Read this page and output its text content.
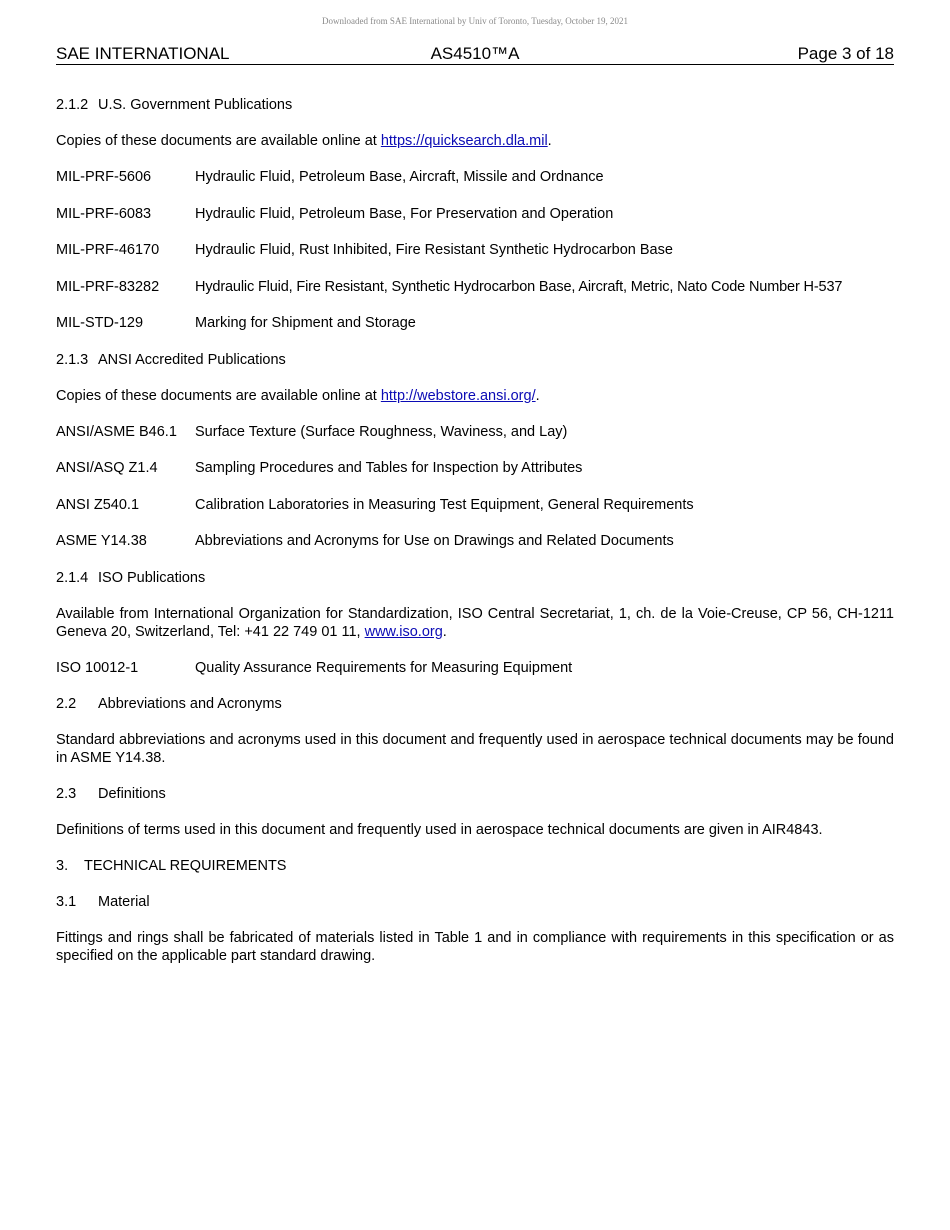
Downloaded from SAE International by Univ of Toronto, Tuesday, October 19, 2021
SAE INTERNATIONAL	AS4510™A	Page 3 of 18
2.1.2 U.S. Government Publications
Copies of these documents are available online at https://quicksearch.dla.mil.
MIL-PRF-5606	Hydraulic Fluid, Petroleum Base, Aircraft, Missile and Ordnance
MIL-PRF-6083	Hydraulic Fluid, Petroleum Base, For Preservation and Operation
MIL-PRF-46170	Hydraulic Fluid, Rust Inhibited, Fire Resistant Synthetic Hydrocarbon Base
MIL-PRF-83282	Hydraulic Fluid, Fire Resistant, Synthetic Hydrocarbon Base, Aircraft, Metric, Nato Code Number H-537
MIL-STD-129	Marking for Shipment and Storage
2.1.3 ANSI Accredited Publications
Copies of these documents are available online at http://webstore.ansi.org/.
ANSI/ASME B46.1	Surface Texture (Surface Roughness, Waviness, and Lay)
ANSI/ASQ Z1.4	Sampling Procedures and Tables for Inspection by Attributes
ANSI Z540.1	Calibration Laboratories in Measuring Test Equipment, General Requirements
ASME Y14.38	Abbreviations and Acronyms for Use on Drawings and Related Documents
2.1.4 ISO Publications
Available from International Organization for Standardization, ISO Central Secretariat, 1, ch. de la Voie-Creuse, CP 56, CH-1211 Geneva 20, Switzerland, Tel: +41 22 749 01 11, www.iso.org.
ISO 10012-1	Quality Assurance Requirements for Measuring Equipment
2.2 Abbreviations and Acronyms
Standard abbreviations and acronyms used in this document and frequently used in aerospace technical documents may be found in ASME Y14.38.
2.3 Definitions
Definitions of terms used in this document and frequently used in aerospace technical documents are given in AIR4843.
3. TECHNICAL REQUIREMENTS
3.1 Material
Fittings and rings shall be fabricated of materials listed in Table 1 and in compliance with requirements in this specification or as specified on the applicable part standard drawing.
